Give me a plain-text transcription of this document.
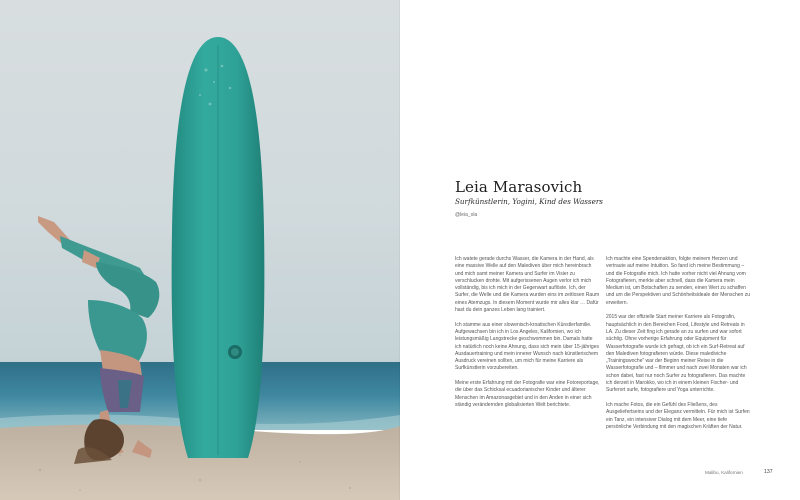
Leia Marasovich
Surfkünstlerin, Yogini, Kind des Wassers
@leia_ola

Ich watete gerade durchs Wasser, die Kamera in der Hand, als eine massive Welle auf den Malediven über mich hereinbrach und mich samt meiner Kamera und Surfer im Visier zu verschlucken drohte. Mit aufgerissenen Augen verlor ich mich vollständig, bis ich mich in der Gegenwart auflöste. Ich, der Surfer, die Welle und die Kamera wurden eins im zeitlosen Raum eines Atemzugs. In diesem Moment wurde mir alles klar … Dafür hast du dein ganzes Leben lang trainiert.

Ich stamme aus einer slowenisch-kroatischen Künstlerfamilie. Aufgewachsen bin ich in Los Angeles, Kalifornien, wo ich leistungsmäßig Langstrecke geschwommen bin. Damals hatte ich natürlich noch keine Ahnung, dass sich mein über 15-jähriges Ausdauertraining und mein innerer Wunsch nach künstlerischem Ausdruck vereinen sollten, um mich für meine Karriere als Surfkünstlerin vorzubereiten.

Meine erste Erfahrung mit der Fotografie war eine Fotoreportage, die über das Schicksal ecuadorianischer Kinder und älterer Menschen im Amazonasgebiet und in den Anden in einer sich ständig verändernden globalisierten Welt berichtete.

Ich machte eine Spendenaktion, folgte meinem Herzen und vertraute auf meine Intuition. So fand ich meine Bestimmung – und die Fotografie mich. Ich hatte vorher nicht viel Ahnung vom Fotografieren, merkte aber schnell, dass die Kamera mein Medium ist, um Botschaften zu senden, einen Wert zu schaffen und um die Perspektiven und Schönheitsideale der Menschen zu erweitern.

2015 war der offizielle Start meiner Karriere als Fotografin, hauptsächlich in den Bereichen Food, Lifestyle und Retreats in LA. Zu dieser Zeit fing ich gerade an zu surfen und war sofort süchtig. Ohne vorherige Erfahrung oder Equipment für Wasserfotografie wurde ich gefragt, ob ich ein Surf-Retreat auf den Malediven fotografieren würde. Diese malediviche „Trainingswoche“ war der Beginn meiner Reise in die Wasserfotografie und – flimmer und nach zwei Monaten war ich schon dabei, fast nur noch Surfer zu fotografieren. Das machte ich derzeit in Marokko, wo ich in einem kleinen Fischer- und Surferort surfe, fotografiere und Yoga unterrichte.

Ich mache Fotos, die ein Gefühl des Fließens, des Ausgeliefertseins und der Eleganz vermitteln. Für mich ist Surfen ein Tanz, ein intensiver Dialog mit dem Meer, eine tiefe persönliche Verbindung mit den magischen Kräften der Natur.

Malibu, Kalifornien	137
